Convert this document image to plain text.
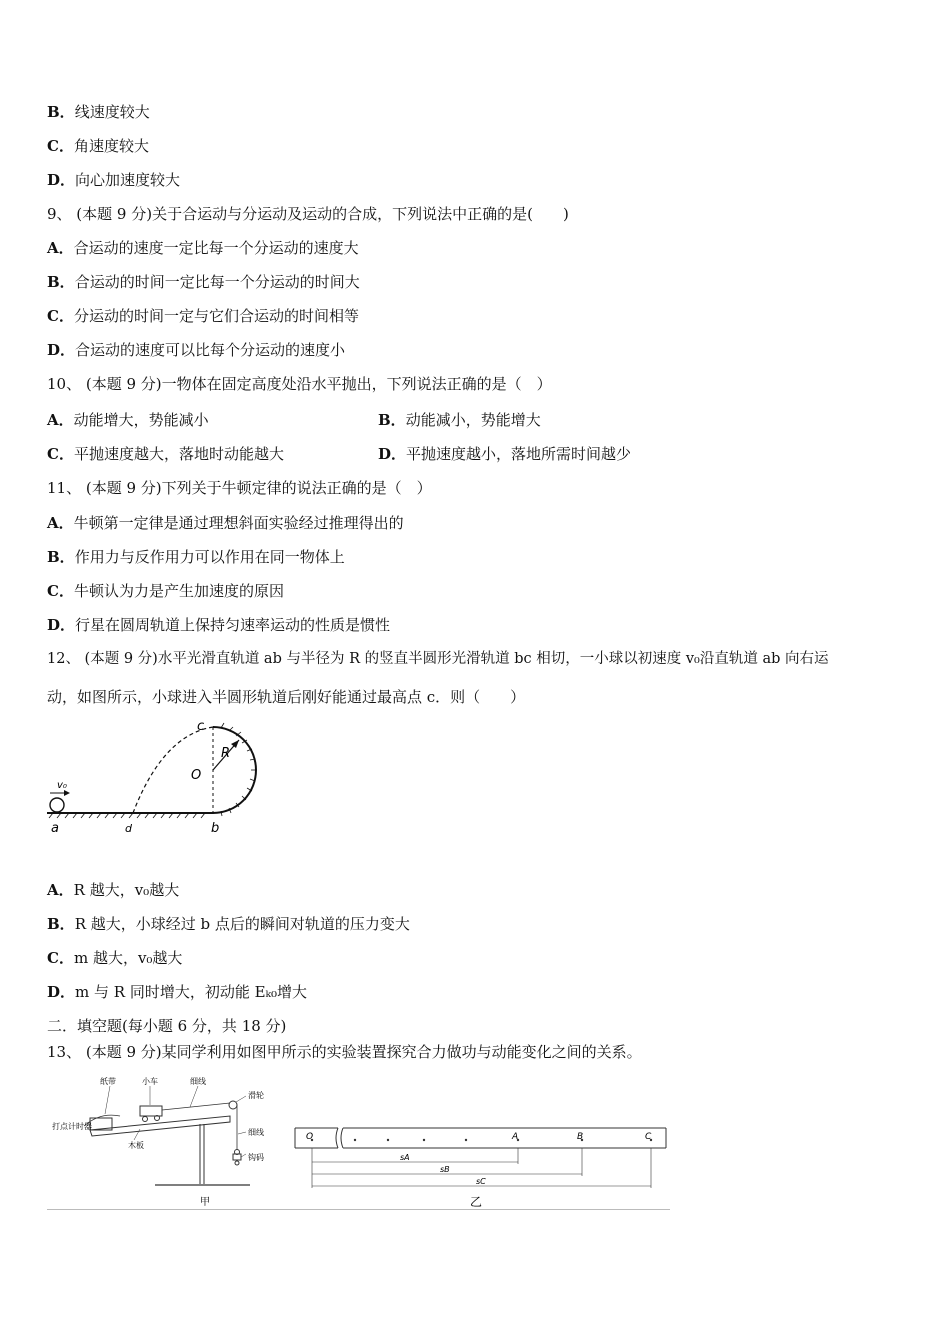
B．线速度较大
C．角速度较大
D．向心加速度较大
9、 (本题 9 分)关于合运动与分运动及运动的合成，下列说法中正确的是(　　)
A．合运动的速度一定比每一个分运动的速度大
B．合运动的时间一定比每一个分运动的时间大
C．分运动的时间一定与它们合运动的时间相等
D．合运动的速度可以比每个分运动的速度小
10、 (本题 9 分)一物体在固定高度处沿水平抛出，下列说法正确的是（　）
A．动能增大，势能减小	B．动能减小，势能增大
C．平抛速度越大，落地时动能越大	D．平抛速度越小，落地所需时间越少
11、 (本题 9 分)下列关于牛顿定律的说法正确的是（　）
A．牛顿第一定律是通过理想斜面实验经过推理得出的
B．作用力与反作用力可以作用在同一物体上
C．牛顿认为力是产生加速度的原因
D．行星在圆周轨道上保持匀速率运动的性质是惯性
12、 (本题 9 分)水平光滑直轨道 ab 与半径为 R 的竖直半圆形光滑轨道 bc 相切，一小球以初速度 v₀沿直轨道 ab 向右运
动，如图所示，小球进入半圆形轨道后刚好能通过最高点 c．则（　　）
v₀
c
O
R
a	d	b
A．R 越大，v₀越大
B．R 越大，小球经过 b 点后的瞬间对轨道的压力变大
C．m 越大，v₀越大
D．m 与 R 同时增大，初动能 Eₖ₀增大
二．填空题(每小题 6 分，共 18 分)
13、 (本题 9 分)某同学利用如图甲所示的实验装置探究合力做功与动能变化之间的关系。
纸带	小车	细线
打点计时器
木板
滑轮
细线
钩码
甲
O	A	B	C
sA
sB
sC
乙
